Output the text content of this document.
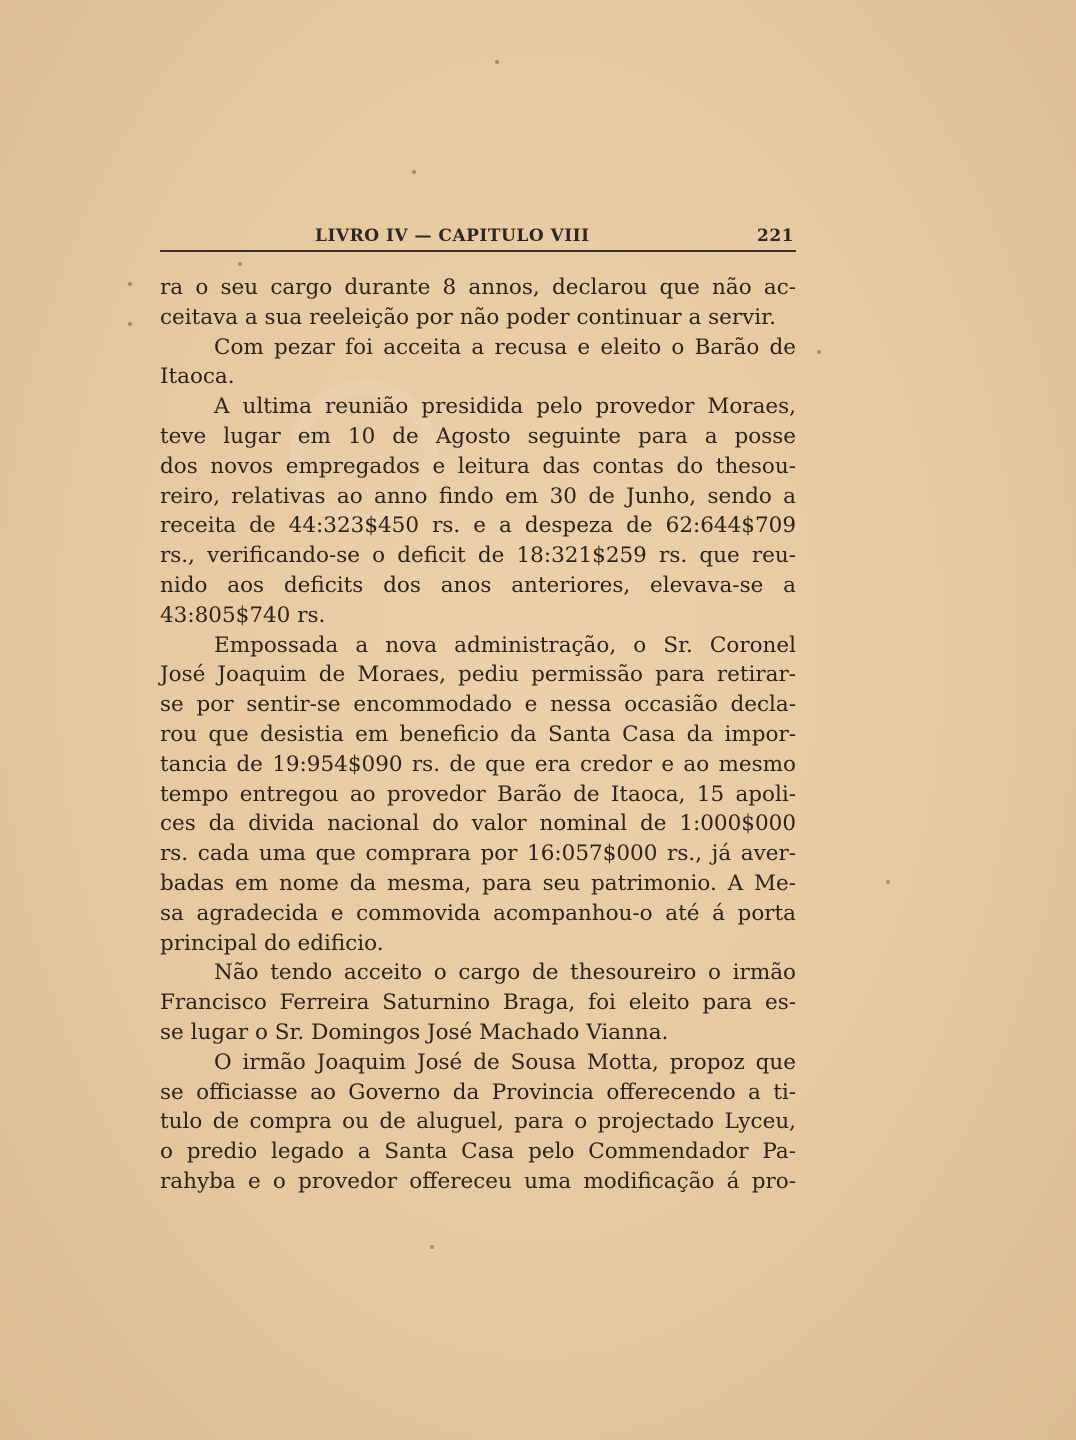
LIVRO IV — CAPITULO VIII	221
ra o seu cargo durante 8 annos, declarou que não ac-
ceitava a sua reeleição por não poder continuar a servir.
Com pezar foi acceita a recusa e eleito o Barão de
Itaoca.
A ultima reunião presidida pelo provedor Moraes,
teve lugar em 10 de Agosto seguinte para a posse
dos novos empregados e leitura das contas do thesou-
reiro, relativas ao anno findo em 30 de Junho, sendo a
receita de 44:323$450 rs. e a despeza de 62:644$709
rs., verificando-se o deficit de 18:321$259 rs. que reu-
nido aos deficits dos anos anteriores, elevava-se a
43:805$740 rs.
Empossada a nova administração, o Sr. Coronel
José Joaquim de Moraes, pediu permissão para retirar-
se por sentir-se encommodado e nessa occasião decla-
rou que desistia em beneficio da Santa Casa da impor-
tancia de 19:954$090 rs. de que era credor e ao mesmo
tempo entregou ao provedor Barão de Itaoca, 15 apoli-
ces da divida nacional do valor nominal de 1:000$000
rs. cada uma que comprara por 16:057$000 rs., já aver-
badas em nome da mesma, para seu patrimonio. A Me-
sa agradecida e commovida acompanhou-o até á porta
principal do edificio.
Não tendo acceito o cargo de thesoureiro o irmão
Francisco Ferreira Saturnino Braga, foi eleito para es-
se lugar o Sr. Domingos José Machado Vianna.
O irmão Joaquim José de Sousa Motta, propoz que
se officiasse ao Governo da Provincia offerecendo a ti-
tulo de compra ou de aluguel, para o projectado Lyceu,
o predio legado a Santa Casa pelo Commendador Pa-
rahyba e o provedor offereceu uma modificação á pro-
